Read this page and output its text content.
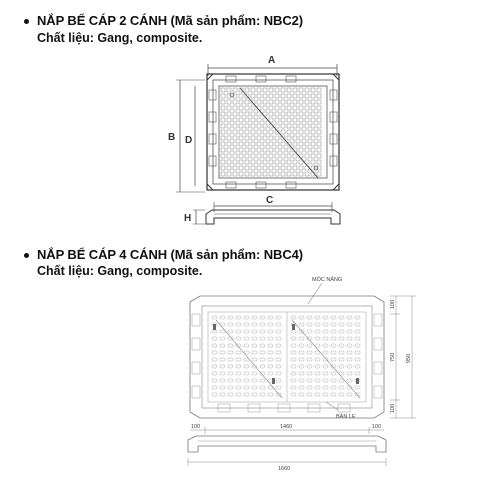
NẮP BỂ CÁP 2 CÁNH (Mã sản phẩm: NBC2)
Chất liệu: Gang, composite.
A
B D
C
H
NẮP BỂ CÁP 4 CÁNH (Mã sản phẩm: NBC4)
Chất liệu: Gang, composite.
MÓC NÂNG
BẢN LE
100
750
100
950
100	1460	100
1660
